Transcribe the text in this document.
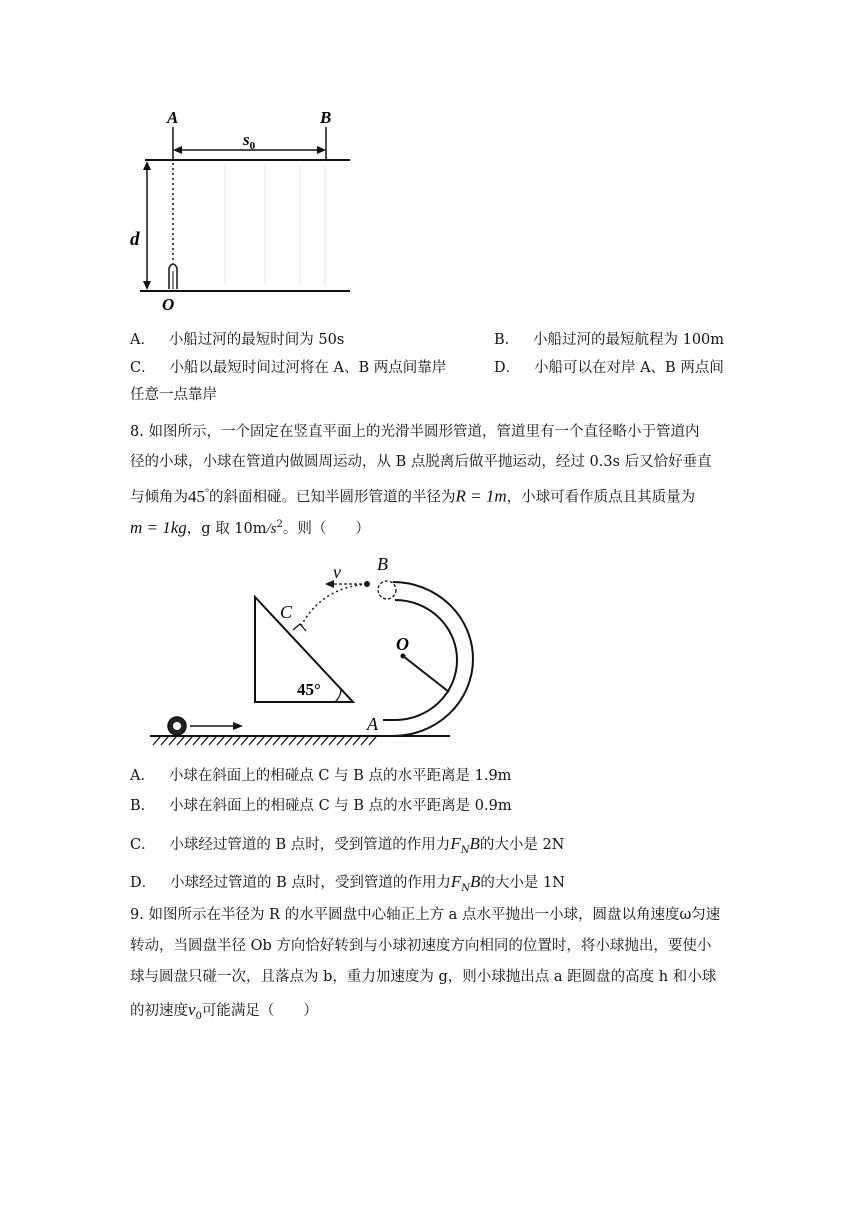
A	B
$s_0$
d
O
A． 小船过河的最短时间为 50s	B． 小船过河的最短航程为 100m
C． 小船以最短时间过河将在 A、B 两点间靠岸	D． 小船可以在对岸 A、B 两点间
任意一点靠岸
8. 如图所示，一个固定在竖直平面上的光滑半圆形管道，管道里有一个直径略小于管道内
径的小球，小球在管道内做圆周运动，从 B 点脱离后做平抛运动，经过 0.3s 后又恰好垂直
与倾角为45°的斜面相碰。已知半圆形管道的半径为R = 1m，小球可看作质点且其质量为
m = 1kg，g 取 $10m/s^2$。则（　　）
v B
C
O
A
45°
A． 小球在斜面上的相碰点 C 与 B 点的水平距离是 1.9m
B． 小球在斜面上的相碰点 C 与 B 点的水平距离是 0.9m
C． 小球经过管道的 B 点时，受到管道的作用力$F_NB$的大小是 2N
D． 小球经过管道的 B 点时，受到管道的作用力$F_NB$的大小是 1N
9. 如图所示在半径为 R 的水平圆盘中心轴正上方 a 点水平抛出一小球，圆盘以角速度ω匀速
转动，当圆盘半径 Ob 方向恰好转到与小球初速度方向相同的位置时，将小球抛出，要使小
球与圆盘只碰一次，且落点为 b，重力加速度为 g，则小球抛出点 a 距圆盘的高度 h 和小球
的初速度$v_0$可能满足（　　）
